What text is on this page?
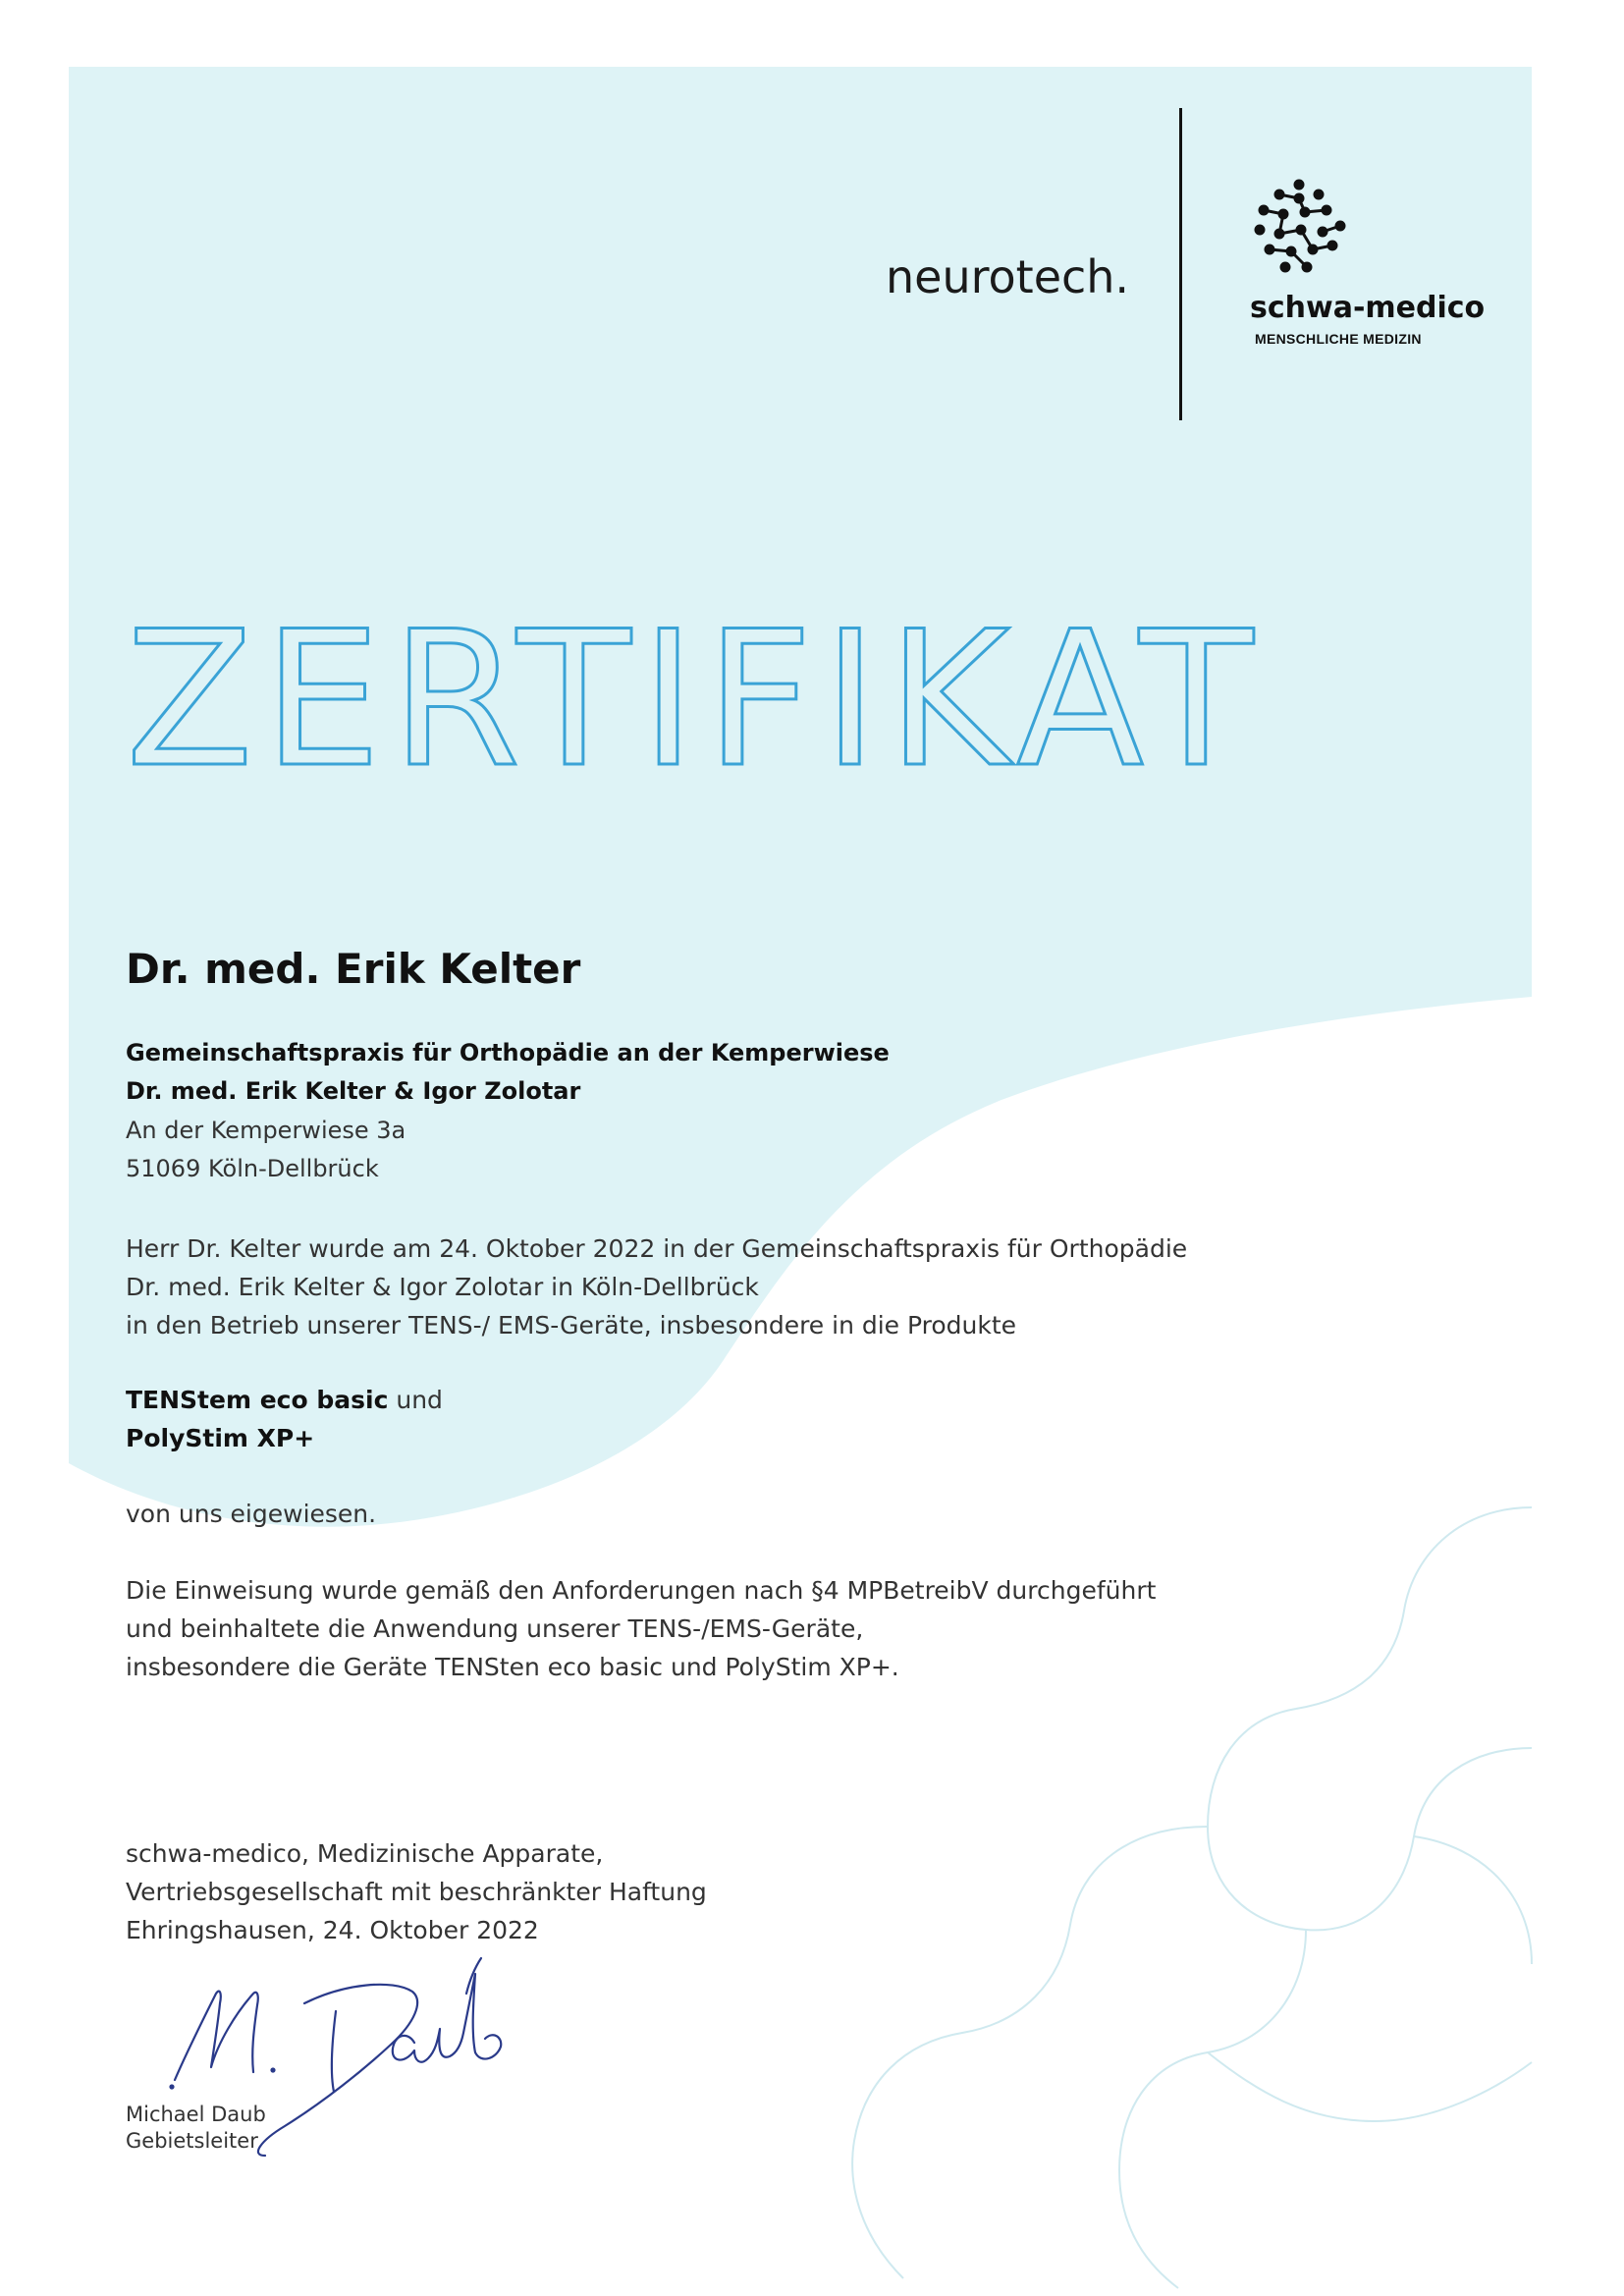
neurotech.
schwa-medico
MENSCHLICHE MEDIZIN
ZERTIFIKAT
Dr. med. Erik Kelter
Gemeinschaftspraxis für Orthopädie an der Kemperwiese
Dr. med. Erik Kelter & Igor Zolotar
An der Kemperwiese 3a
51069 Köln-Dellbrück
Herr Dr. Kelter wurde am 24. Oktober 2022 in der Gemeinschaftspraxis für Orthopädie
Dr. med. Erik Kelter & Igor Zolotar in Köln-Dellbrück
in den Betrieb unserer TENS-/ EMS-Geräte, insbesondere in die Produkte
TENStem eco basic und
PolyStim XP+
von uns eigewiesen.
Die Einweisung wurde gemäß den Anforderungen nach §4 MPBetreibV durchgeführt
und beinhaltete die Anwendung unserer TENS-/EMS-Geräte,
insbesondere die Geräte TENSten eco basic und PolyStim XP+.
schwa-medico, Medizinische Apparate,
Vertriebsgesellschaft mit beschränkter Haftung
Ehringshausen, 24. Oktober 2022
Michael Daub
Gebietsleiter
